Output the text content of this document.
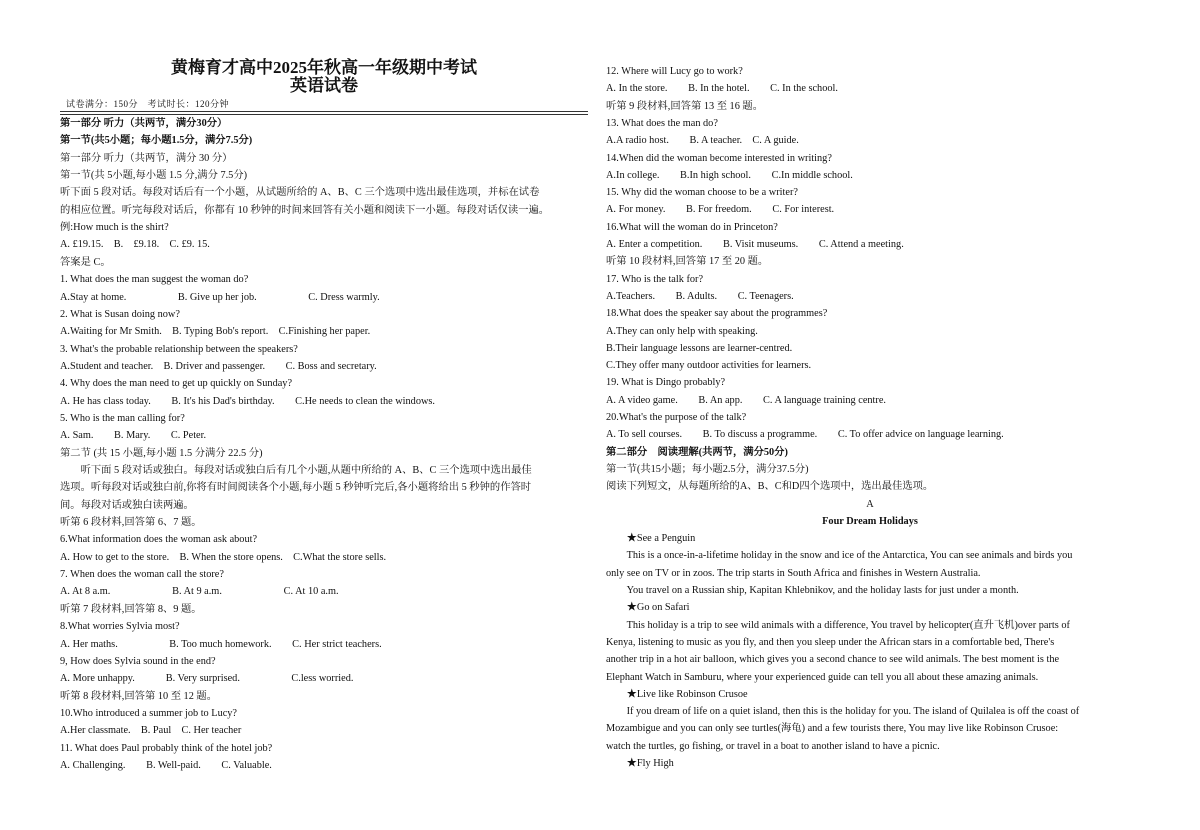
黄梅育才高中2025年秋高一年级期中考试
英语试卷
试卷满分：150分　考试时长：120分钟
第一部分 听力（共两节，满分30分）
第一节(共5小题；每小题1.5分，满分7.5分)
第一部分 听力（共两节，满分 30 分）
第一节(共 5小题,每小题 1.5 分,满分 7.5分)
听下面 5 段对话。每段对话后有一个小题，从试题所给的 A、B、C 三个选项中选出最佳选项，并标在试卷
的相应位置。听完每段对话后，你都有 10 秒钟的时间来回答有关小题和阅读下一小题。每段对话仅读一遍。
例:How much is the shirt?
A. £19.15.　B.　£9.18.　C. £9. 15.
答案是 C。
1. What does the man suggest the woman do?
A.Stay at home.　　　　　B. Give up her job.　　　　　C. Dress warmly.
2. What is Susan doing now?
A.Waiting for Mr Smith.　B. Typing Bob's report.　C.Finishing her paper.
3. What's the probable relationship between the speakers?
A.Student and teacher.　B. Driver and passenger.　　C. Boss and secretary.
4. Why does the man need to get up quickly on Sunday?
A. He has class today.　　B. It's his Dad's birthday.　　C.He needs to clean the windows.
5. Who is the man calling for?
A. Sam.　　B. Mary.　　C. Peter.
第二节 (共 15 小题,每小题 1.5 分满分 22.5 分)
　　听下面 5 段对话或独白。每段对话或独白后有几个小题,从题中所给的 A、B、C 三个选项中选出最佳
选项。听每段对话或独白前,你将有时间阅读各个小题,每小题 5 秒钟听完后,各小题将给出 5 秒钟的作答时
间。每段对话或独白读两遍。
听第 6 段材料,回答第 6、7 题。
6.What information does the woman ask about?
A. How to get to the store.　B. When the store opens.　C.What the store sells.
7. When does the woman call the store?
A. At 8 a.m.　　　　　　B. At 9 a.m.　　　　　　C. At 10 a.m.
听第 7 段材料,回答第 8、9 题。
8.What worries Sylvia most?
A. Her maths.　　　　　B. Too much homework.　　C. Her strict teachers.
9, How does Sylvia sound in the end?
A. More unhappy.　　　B. Very surprised.　　　　　C.less worried.
听第 8 段材料,回答第 10 至 12 题。
10.Who introduced a summer job to Lucy?
A.Her classmate.　B. Paul　C. Her teacher
11. What does Paul probably think of the hotel job?
A. Challenging.　　B. Well-paid.　　C. Valuable.
12. Where will Lucy go to work?
A. In the store.　　B. In the hotel.　　C. In the school.
听第 9 段材料,回答第 13 至 16 题。
13. What does the man do?
A.A radio host.　　B. A teacher.　C. A guide.
14.When did the woman become interested in writing?
A.In college.　　B.In high school.　　C.In middle school.
15. Why did the woman choose to be a writer?
A. For money.　　B. For freedom.　　C. For interest.
16.What will the woman do in Princeton?
A. Enter a competition.　　B. Visit museums.　　C. Attend a meeting.
听第 10 段材料,回答第 17 至 20 题。
17. Who is the talk for?
A.Teachers.　　B. Adults.　　C. Teenagers.
18.What does the speaker say about the programmes?
A.They can only help with speaking.
B.Their language lessons are learner-centred.
C.They offer many outdoor activities for learners.
19. What is Dingo probably?
A. A video game.　　B. An app.　　C. A language training centre.
20.What's the purpose of the talk?
A. To sell courses.　　B. To discuss a programme.　　C. To offer advice on language learning.
第二部分　阅读理解(共两节，满分50分)
第一节(共15小题；每小题2.5分，满分37.5分)
阅读下列短文，从每题所给的A、B、C和D四个选项中，选出最佳选项。
A
Four Dream Holidays
　　★See a Penguin
　　This is a once-in-a-lifetime holiday in the snow and ice of the Antarctica, You can see animals and birds you
only see on TV or in zoos. The trip starts in South Africa and finishes in Western Australia.
　　You travel on a Russian ship, Kapitan Khlebnikov, and the holiday lasts for just under a month.
　　★Go on Safari
　　This holiday is a trip to see wild animals with a difference, You travel by helicopter(直升飞机)over parts of
Kenya, listening to music as you fly, and then you sleep under the African stars in a comfortable bed, There's
another trip in a hot air balloon, which gives you a second chance to see wild animals. The best moment is the
Elephant Watch in Samburu, where your experienced guide can tell you all about these amazing animals.
　　★Live like Robinson Crusoe
　　If you dream of life on a quiet island, then this is the holiday for you. The island of Quilalea is off the coast of
Mozambigue and you can only see turtles(海龟) and a few tourists there, You may live like Robinson Crusoe:
watch the turtles, go fishing, or travel in a boat to another island to have a picnic.
　　★Fly High
